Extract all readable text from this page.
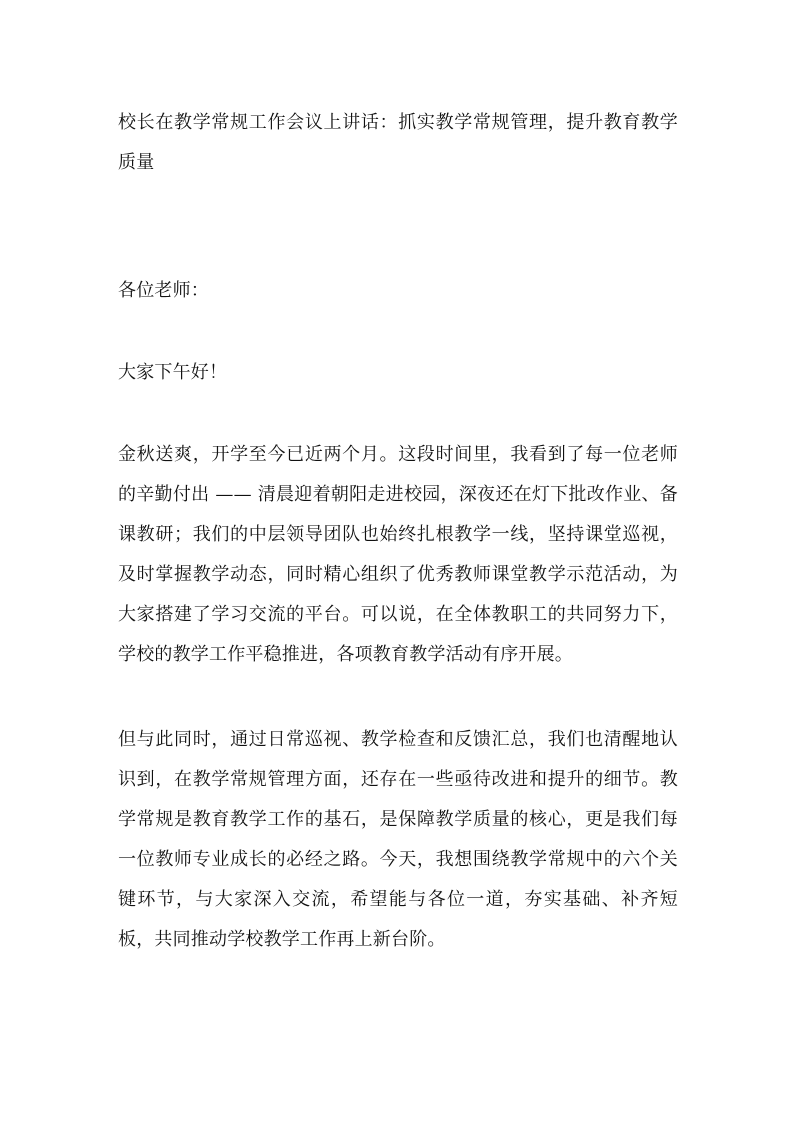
校长在教学常规工作会议上讲话：抓实教学常规管理，提升教育教学质量

各位老师：

大家下午好！

金秋送爽，开学至今已近两个月。这段时间里，我看到了每一位老师的辛勤付出 —— 清晨迎着朝阳走进校园，深夜还在灯下批改作业、备课教研；我们的中层领导团队也始终扎根教学一线，坚持课堂巡视，及时掌握教学动态，同时精心组织了优秀教师课堂教学示范活动，为大家搭建了学习交流的平台。可以说，在全体教职工的共同努力下，学校的教学工作平稳推进，各项教育教学活动有序开展。

但与此同时，通过日常巡视、教学检查和反馈汇总，我们也清醒地认识到，在教学常规管理方面，还存在一些亟待改进和提升的细节。教学常规是教育教学工作的基石，是保障教学质量的核心，更是我们每一位教师专业成长的必经之路。今天，我想围绕教学常规中的六个关键环节，与大家深入交流，希望能与各位一道，夯实基础、补齐短板，共同推动学校教学工作再上新台阶。
